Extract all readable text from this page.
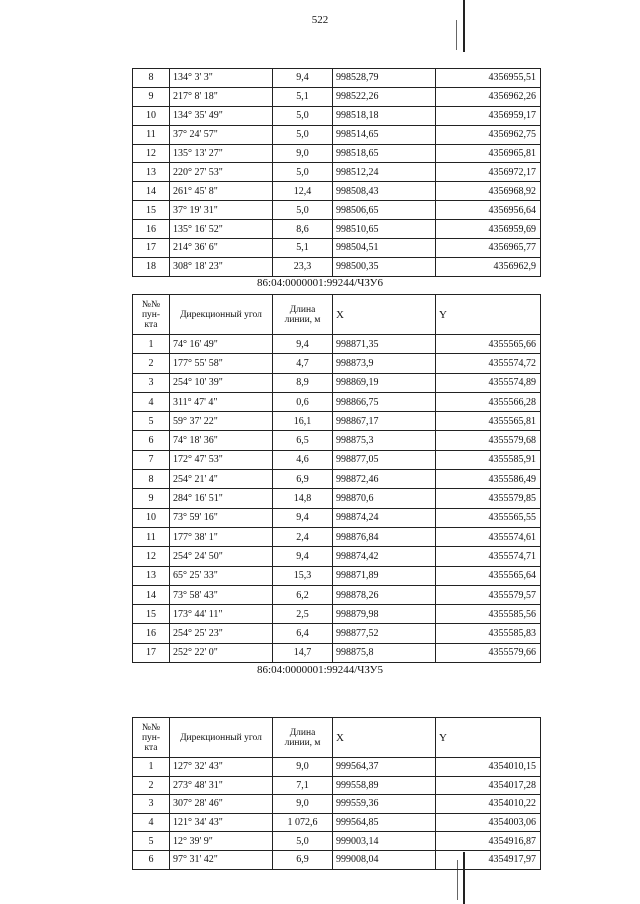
522
8	134° 3' 3"	9,4	998528,79	4356955,51
9	217° 8' 18"	5,1	998522,26	4356962,26
10	134° 35' 49"	5,0	998518,18	4356959,17
11	37° 24' 57"	5,0	998514,65	4356962,75
12	135° 13' 27"	9,0	998518,65	4356965,81
13	220° 27' 53"	5,0	998512,24	4356972,17
14	261° 45' 8"	12,4	998508,43	4356968,92
15	37° 19' 31"	5,0	998506,65	4356956,64
16	135° 16' 52"	8,6	998510,65	4356959,69
17	214° 36' 6"	5,1	998504,51	4356965,77
18	308° 18' 23"	23,3	998500,35	4356962,9
86:04:0000001:99244/ЧЗУ6
№№ пун-кта	Дирекционный угол	Длина линии, м	X	Y
1	74° 16' 49"	9,4	998871,35	4355565,66
2	177° 55' 58"	4,7	998873,9	4355574,72
3	254° 10' 39"	8,9	998869,19	4355574,89
4	311° 47' 4"	0,6	998866,75	4355566,28
5	59° 37' 22"	16,1	998867,17	4355565,81
6	74° 18' 36"	6,5	998875,3	4355579,68
7	172° 47' 53"	4,6	998877,05	4355585,91
8	254° 21' 4"	6,9	998872,46	4355586,49
9	284° 16' 51"	14,8	998870,6	4355579,85
10	73° 59' 16"	9,4	998874,24	4355565,55
11	177° 38' 1"	2,4	998876,84	4355574,61
12	254° 24' 50"	9,4	998874,42	4355574,71
13	65° 25' 33"	15,3	998871,89	4355565,64
14	73° 58' 43"	6,2	998878,26	4355579,57
15	173° 44' 11"	2,5	998879,98	4355585,56
16	254° 25' 23"	6,4	998877,52	4355585,83
17	252° 22' 0"	14,7	998875,8	4355579,66
86:04:0000001:99244/ЧЗУ5
№№ пун-кта	Дирекционный угол	Длина линии, м	X	Y
1	127° 32' 43"	9,0	999564,37	4354010,15
2	273° 48' 31"	7,1	999558,89	4354017,28
3	307° 28' 46"	9,0	999559,36	4354010,22
4	121° 34' 43"	1 072,6	999564,85	4354003,06
5	12° 39' 9"	5,0	999003,14	4354916,87
6	97° 31' 42"	6,9	999008,04	4354917,97
